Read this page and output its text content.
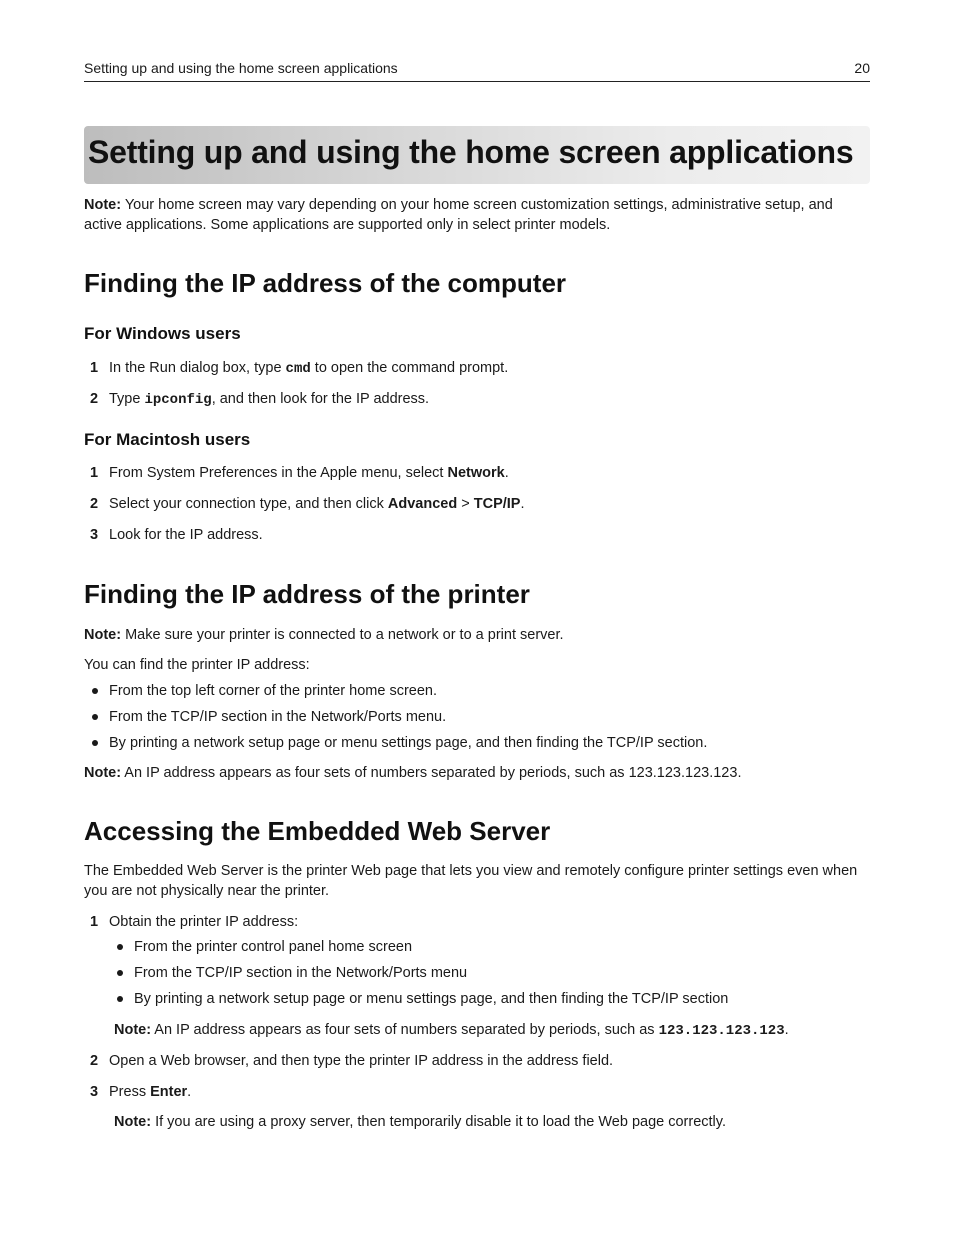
Setting up and using the home screen applications	20
Setting up and using the home screen applications
Note: Your home screen may vary depending on your home screen customization settings, administrative setup, and active applications. Some applications are supported only in select printer models.
Finding the IP address of the computer
For Windows users
1 In the Run dialog box, type cmd to open the command prompt.
2 Type ipconfig, and then look for the IP address.
For Macintosh users
1 From System Preferences in the Apple menu, select Network.
2 Select your connection type, and then click Advanced > TCP/IP.
3 Look for the IP address.
Finding the IP address of the printer
Note: Make sure your printer is connected to a network or to a print server.
You can find the printer IP address:
From the top left corner of the printer home screen.
From the TCP/IP section in the Network/Ports menu.
By printing a network setup page or menu settings page, and then finding the TCP/IP section.
Note: An IP address appears as four sets of numbers separated by periods, such as 123.123.123.123.
Accessing the Embedded Web Server
The Embedded Web Server is the printer Web page that lets you view and remotely configure printer settings even when you are not physically near the printer.
1 Obtain the printer IP address:
From the printer control panel home screen
From the TCP/IP section in the Network/Ports menu
By printing a network setup page or menu settings page, and then finding the TCP/IP section
Note: An IP address appears as four sets of numbers separated by periods, such as 123.123.123.123.
2 Open a Web browser, and then type the printer IP address in the address field.
3 Press Enter.
Note: If you are using a proxy server, then temporarily disable it to load the Web page correctly.
